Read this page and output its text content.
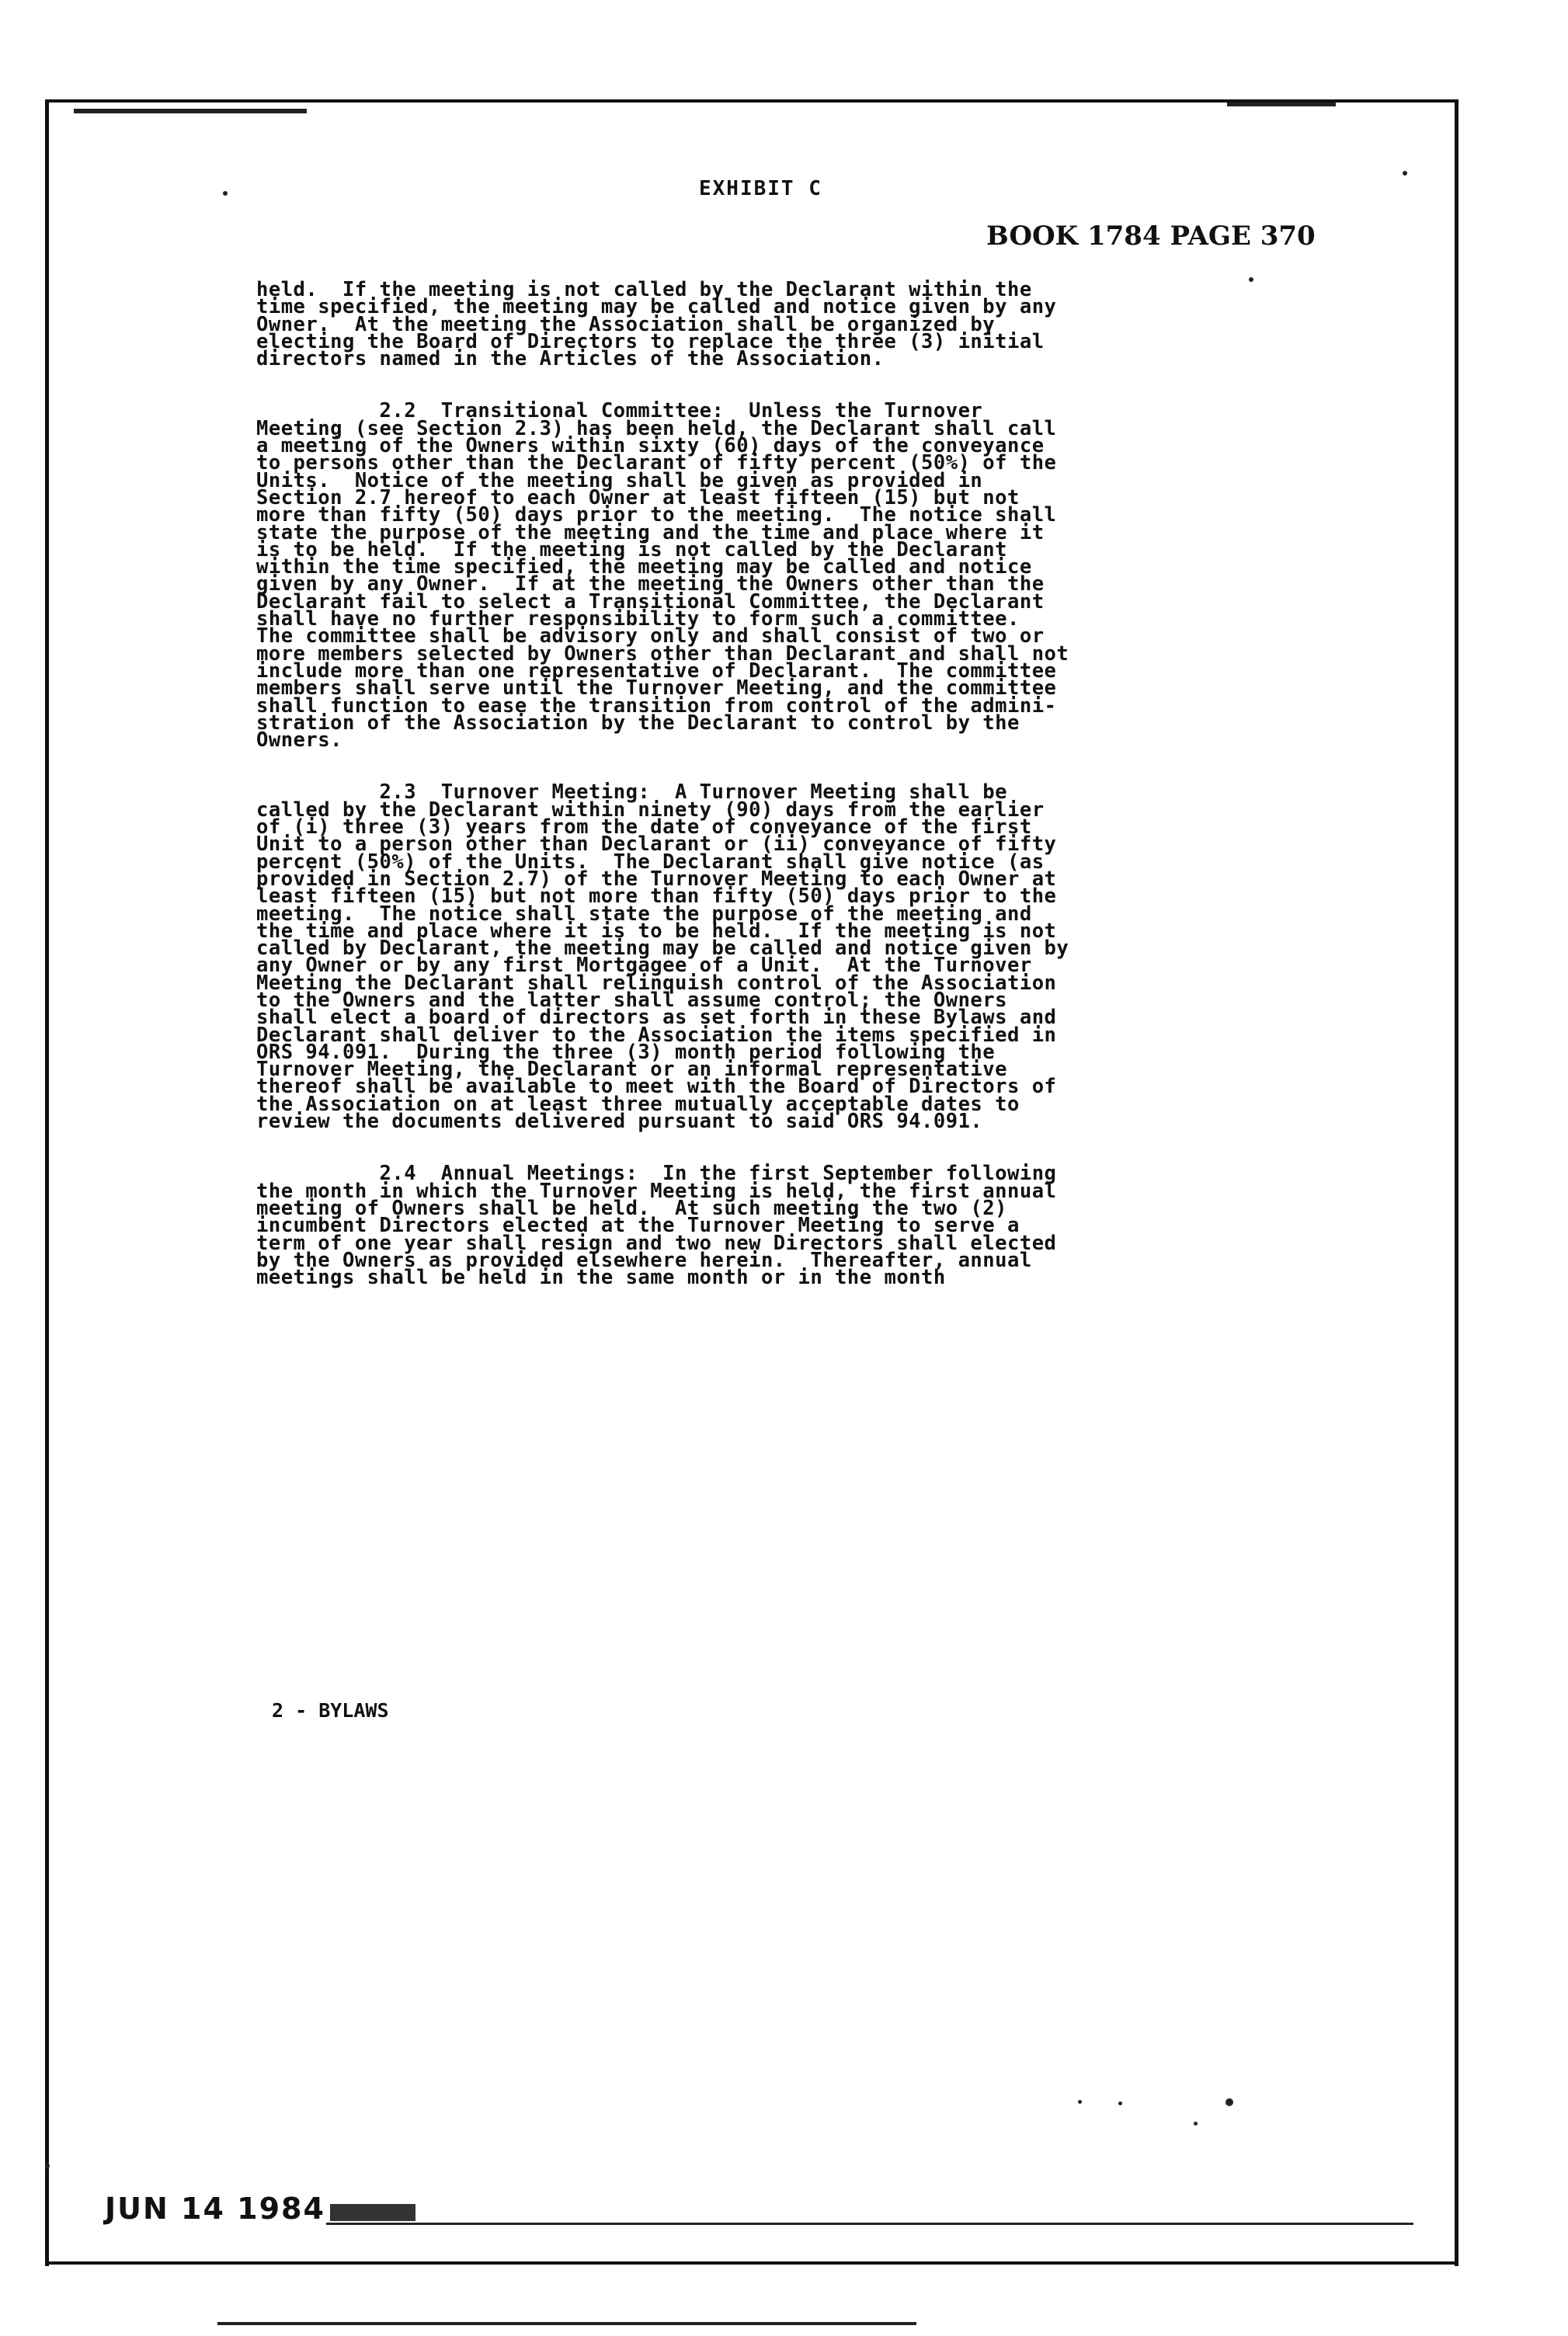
EXHIBIT C
BOOK 1784 PAGE 370
held.  If the meeting is not called by the Declarant within the
time specified, the meeting may be called and notice given by any
Owner.  At the meeting the Association shall be organized by
electing the Board of Directors to replace the three (3) initial
directors named in the Articles of the Association.
2.2  Transitional Committee:  Unless the Turnover
Meeting (see Section 2.3) has been held, the Declarant shall call
a meeting of the Owners within sixty (60) days of the conveyance
to persons other than the Declarant of fifty percent (50%) of the
Units.  Notice of the meeting shall be given as provided in
Section 2.7 hereof to each Owner at least fifteen (15) but not
more than fifty (50) days prior to the meeting.  The notice shall
state the purpose of the meeting and the time and place where it
is to be held.  If the meeting is not called by the Declarant
within the time specified, the meeting may be called and notice
given by any Owner.  If at the meeting the Owners other than the
Declarant fail to select a Transitional Committee, the Declarant
shall have no further responsibility to form such a committee.
The committee shall be advisory only and shall consist of two or
more members selected by Owners other than Declarant and shall not
include more than one representative of Declarant.  The committee
members shall serve until the Turnover Meeting, and the committee
shall function to ease the transition from control of the admini-
stration of the Association by the Declarant to control by the
Owners.
2.3  Turnover Meeting:  A Turnover Meeting shall be
called by the Declarant within ninety (90) days from the earlier
of (i) three (3) years from the date of conveyance of the first
Unit to a person other than Declarant or (ii) conveyance of fifty
percent (50%) of the Units.  The Declarant shall give notice (as
provided in Section 2.7) of the Turnover Meeting to each Owner at
least fifteen (15) but not more than fifty (50) days prior to the
meeting.  The notice shall state the purpose of the meeting and
the time and place where it is to be held.  If the meeting is not
called by Declarant, the meeting may be called and notice given by
any Owner or by any first Mortgagee of a Unit.  At the Turnover
Meeting the Declarant shall relinquish control of the Association
to the Owners and the latter shall assume control; the Owners
shall elect a board of directors as set forth in these Bylaws and
Declarant shall deliver to the Association the items specified in
ORS 94.091.  During the three (3) month period following the
Turnover Meeting, the Declarant or an informal representative
thereof shall be available to meet with the Board of Directors of
the Association on at least three mutually acceptable dates to
review the documents delivered pursuant to said ORS 94.091.
2.4  Annual Meetings:  In the first September following
the month in which the Turnover Meeting is held, the first annual
meeting of Owners shall be held.  At such meeting the two (2)
incumbent Directors elected at the Turnover Meeting to serve a
term of one year shall resign and two new Directors shall elected
by the Owners as provided elsewhere herein.  Thereafter, annual
meetings shall be held in the same month or in the month
2 - BYLAWS
JUN 14 1984
